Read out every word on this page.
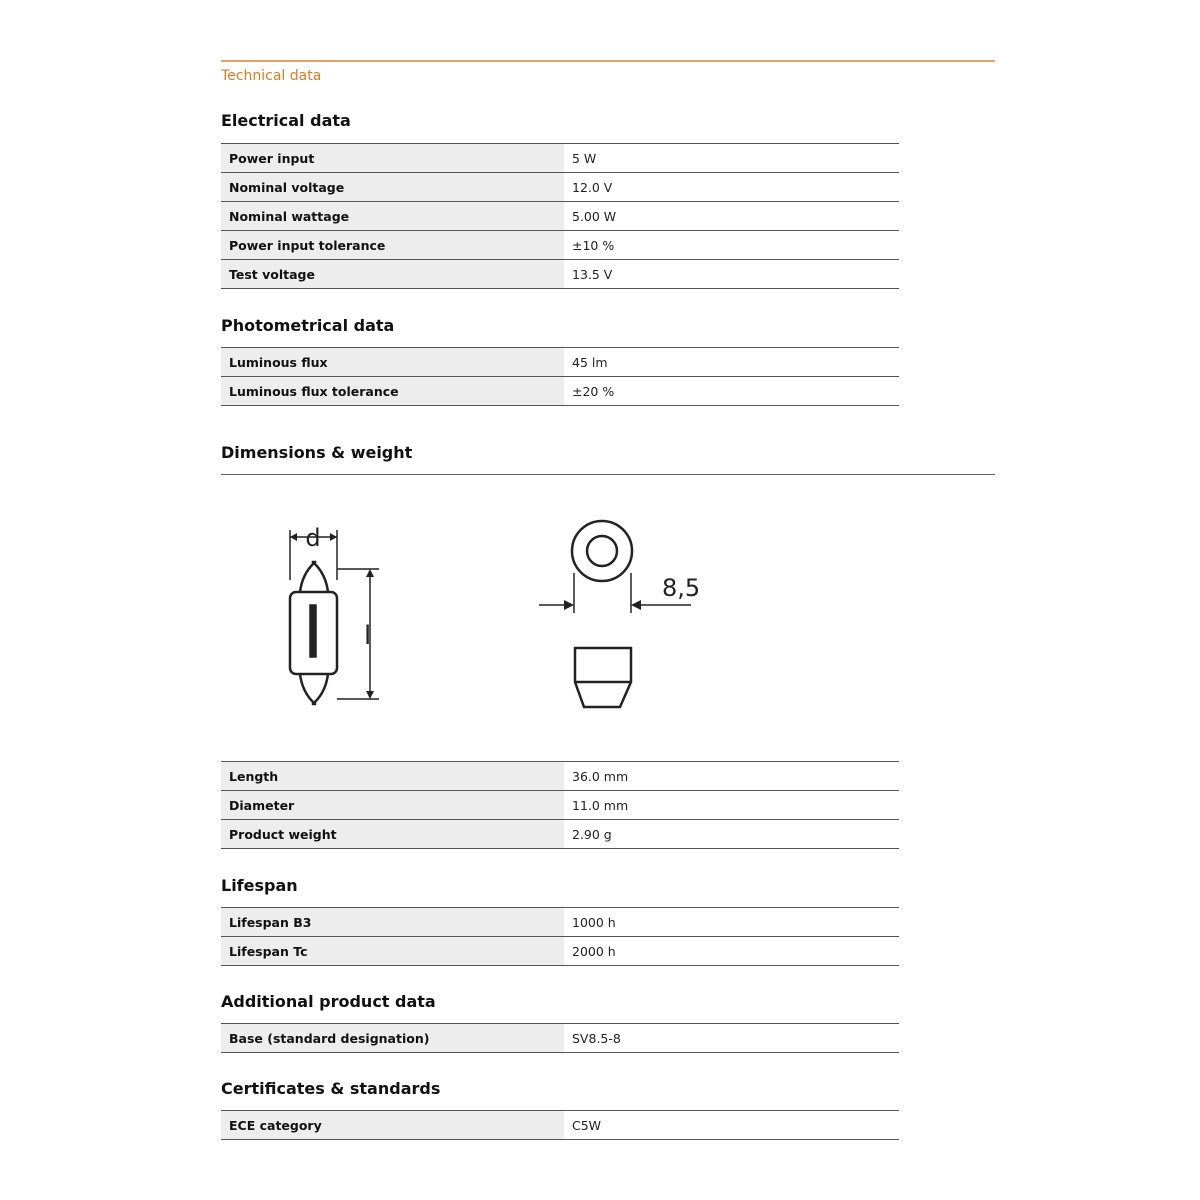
Technical data
Electrical data
Power input	5 W
Nominal voltage	12.0 V
Nominal wattage	5.00 W
Power input tolerance	±10 %
Test voltage	13.5 V
Photometrical data
Luminous flux	45 lm
Luminous flux tolerance	±20 %
Dimensions & weight
d
l
8,5
Length	36.0 mm
Diameter	11.0 mm
Product weight	2.90 g
Lifespan
Lifespan B3	1000 h
Lifespan Tc	2000 h
Additional product data
Base (standard designation)	SV8.5-8
Certificates & standards
ECE category	C5W
